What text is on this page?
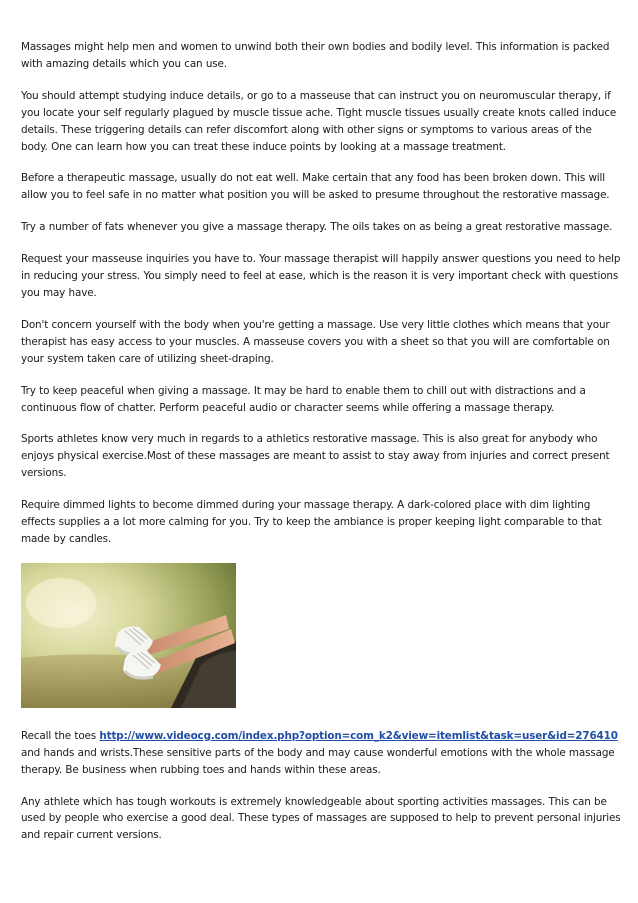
Massages might help men and women to unwind both their own bodies and bodily level. This information is packed with amazing details which you can use.

You should attempt studying induce details, or go to a masseuse that can instruct you on neuromuscular therapy, if you locate your self regularly plagued by muscle tissue ache. Tight muscle tissues usually create knots called induce details. These triggering details can refer discomfort along with other signs or symptoms to various areas of the body. One can learn how you can treat these induce points by looking at a massage treatment.

Before a therapeutic massage, usually do not eat well. Make certain that any food has been broken down. This will allow you to feel safe in no matter what position you will be asked to presume throughout the restorative massage.

Try a number of fats whenever you give a massage therapy. The oils takes on as being a great restorative massage.

Request your masseuse inquiries you have to. Your massage therapist will happily answer questions you need to help in reducing your stress. You simply need to feel at ease, which is the reason it is very important check with questions you may have.

Don't concern yourself with the body when you're getting a massage. Use very little clothes which means that your therapist has easy access to your muscles. A masseuse covers you with a sheet so that you will are comfortable on your system taken care of utilizing sheet-draping.

Try to keep peaceful when giving a massage. It may be hard to enable them to chill out with distractions and a continuous flow of chatter. Perform peaceful audio or character seems while offering a massage therapy.

Sports athletes know very much in regards to a athletics restorative massage. This is also great for anybody who enjoys physical exercise.Most of these massages are meant to assist to stay away from injuries and correct present versions.

Require dimmed lights to become dimmed during your massage therapy. A dark-colored place with dim lighting effects supplies a a lot more calming for you. Try to keep the ambiance is proper keeping light comparable to that made by candles.

Recall the toes http://www.videocg.com/index.php?option=com_k2&view=itemlist&task=user&id=276410 and hands and wrists.These sensitive parts of the body and may cause wonderful emotions with the whole massage therapy. Be business when rubbing toes and hands within these areas.

Any athlete which has tough workouts is extremely knowledgeable about sporting activities massages. This can be used by people who exercise a good deal. These types of massages are supposed to help to prevent personal injuries and repair current versions.
